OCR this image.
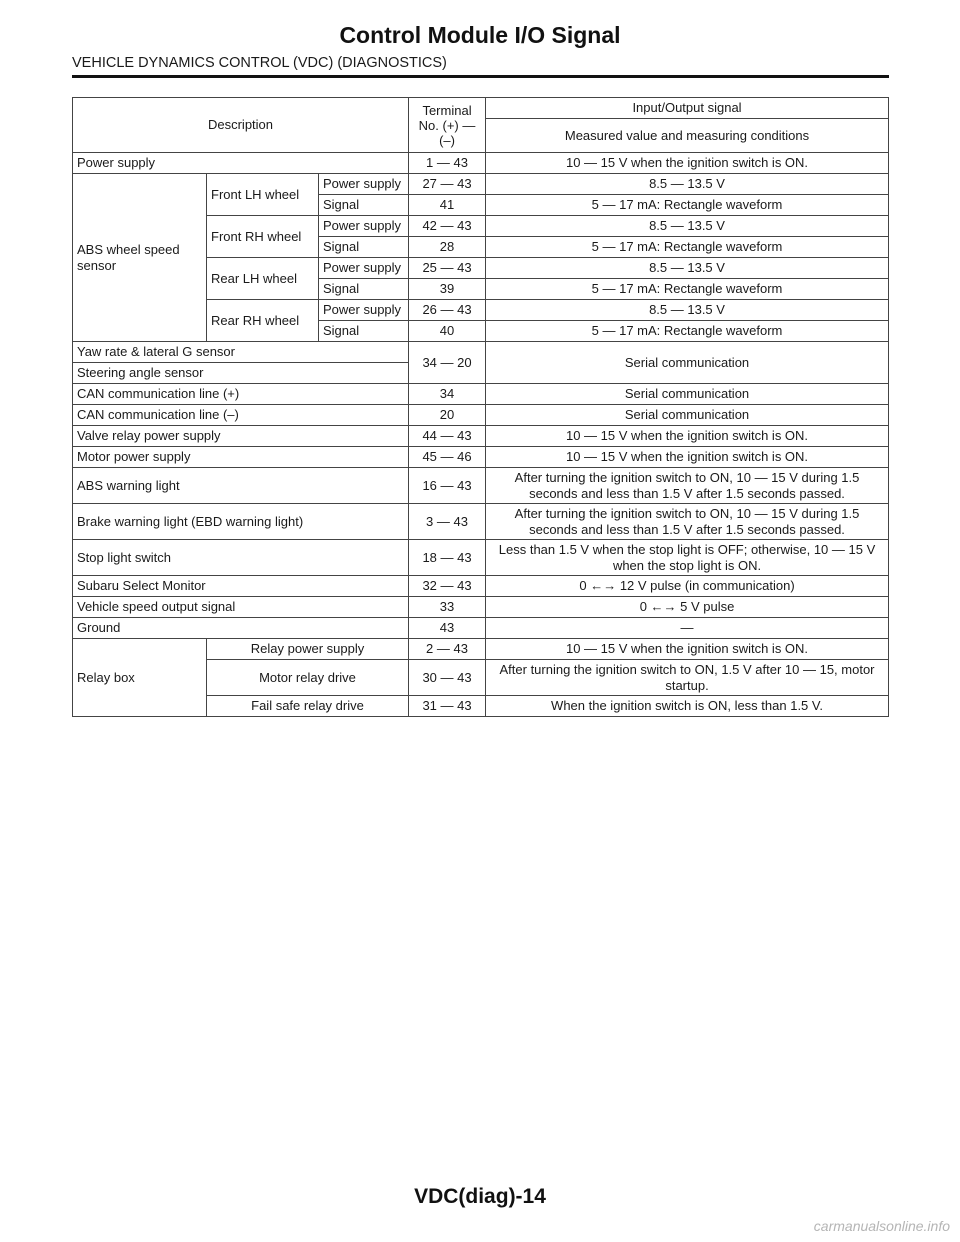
Control Module I/O Signal
VEHICLE DYNAMICS CONTROL (VDC) (DIAGNOSTICS)
Description			Terminal No. (+) — (–)	Input/Output signal
				Measured value and measuring conditions
Power supply			1 — 43	10 — 15 V when the ignition switch is ON.
ABS wheel speed sensor	Front LH wheel	Power supply	27 — 43	8.5 — 13.5 V
		Signal	41	5 — 17 mA: Rectangle waveform
	Front RH wheel	Power supply	42 — 43	8.5 — 13.5 V
		Signal	28	5 — 17 mA: Rectangle waveform
	Rear LH wheel	Power supply	25 — 43	8.5 — 13.5 V
		Signal	39	5 — 17 mA: Rectangle waveform
	Rear RH wheel	Power supply	26 — 43	8.5 — 13.5 V
		Signal	40	5 — 17 mA: Rectangle waveform
Yaw rate & lateral G sensor			34 — 20	Serial communication
Steering angle sensor				
CAN communication line (+)			34	Serial communication
CAN communication line (–)			20	Serial communication
Valve relay power supply			44 — 43	10 — 15 V when the ignition switch is ON.
Motor power supply			45 — 46	10 — 15 V when the ignition switch is ON.
ABS warning light			16 — 43	After turning the ignition switch to ON, 10 — 15 V during 1.5 seconds and less than 1.5 V after 1.5 seconds passed.
Brake warning light (EBD warning light)			3 — 43	After turning the ignition switch to ON, 10 — 15 V during 1.5 seconds and less than 1.5 V after 1.5 seconds passed.
Stop light switch			18 — 43	Less than 1.5 V when the stop light is OFF; otherwise, 10 — 15 V when the stop light is ON.
Subaru Select Monitor			32 — 43	0 ←→ 12 V pulse (in communication)
Vehicle speed output signal			33	0 ←→ 5 V pulse
Ground			43	—
Relay box	Relay power supply		2 — 43	10 — 15 V when the ignition switch is ON.
	Motor relay drive		30 — 43	After turning the ignition switch to ON, 1.5 V after 10 — 15, motor startup.
	Fail safe relay drive		31 — 43	When the ignition switch is ON, less than 1.5 V.
VDC(diag)-14
carmanualsonline.info
